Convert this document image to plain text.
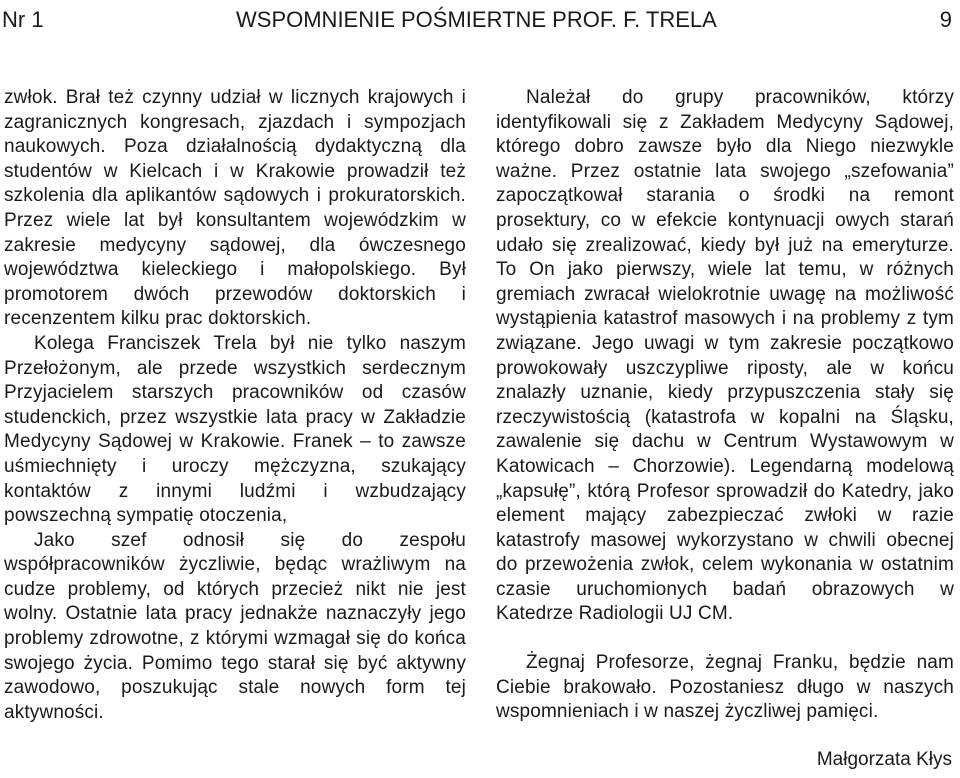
Nr 1	WSPOMNIENIE POŚMIERTNE PROF. F. TRELA	9

zwłok. Brał też czynny udział w licznych krajowych i zagranicznych kongresach, zjazdach i sympozjach naukowych. Poza działalnością dydaktyczną dla studentów w Kielcach i w Krakowie prowadził też szkolenia dla aplikantów sądowych i prokuratorskich. Przez wiele lat był konsultantem wojewódzkim w zakresie medycyny sądowej, dla ówczesnego województwa kieleckiego i małopolskiego. Był promotorem dwóch przewodów doktorskich i recenzentem kilku prac doktorskich.

Kolega Franciszek Trela był nie tylko naszym Przełożonym, ale przede wszystkich serdecznym Przyjacielem starszych pracowników od czasów studenckich, przez wszystkie lata pracy w Zakładzie Medycyny Sądowej w Krakowie. Franek – to zawsze uśmiechnięty i uroczy mężczyzna, szukający kontaktów z innymi ludźmi i wzbudzający powszechną sympatię otoczenia,

Jako szef odnosił się do zespołu współpracowników życzliwie, będąc wrażliwym na cudze problemy, od których przecież nikt nie jest wolny. Ostatnie lata pracy jednakże naznaczyły jego problemy zdrowotne, z którymi wzmagał się do końca swojego życia. Pomimo tego starał się być aktywny zawodowo, poszukując stale nowych form tej aktywności.

Należał do grupy pracowników, którzy identyfikowali się z Zakładem Medycyny Sądowej, którego dobro zawsze było dla Niego niezwykle ważne. Przez ostatnie lata swojego „szefowania” zapoczątkował starania o środki na remont prosektury, co w efekcie kontynuacji owych starań udało się zrealizować, kiedy był już na emeryturze. To On jako pierwszy, wiele lat temu, w różnych gremiach zwracał wielokrotnie uwagę na możliwość wystąpienia katastrof masowych i na problemy z tym związane. Jego uwagi w tym zakresie początkowo prowokowały uszczypliwe riposty, ale w końcu znalazły uznanie, kiedy przypuszczenia stały się rzeczywistością (katastrofa w kopalni na Śląsku, zawalenie się dachu w Centrum Wystawowym w Katowicach – Chorzowie). Legendarną modelową „kapsułę”, którą Profesor sprowadził do Katedry, jako element mający zabezpieczać zwłoki w razie katastrofy masowej wykorzystano w chwili obecnej do przewożenia zwłok, celem wykonania w ostatnim czasie uruchomionych badań obrazowych w Katedrze Radiologii UJ CM.

Żegnaj Profesorze, żegnaj Franku, będzie nam Ciebie brakowało. Pozostaniesz długo w naszych wspomnieniach i w naszej życzliwej pamięci.

Małgorzata Kłys
